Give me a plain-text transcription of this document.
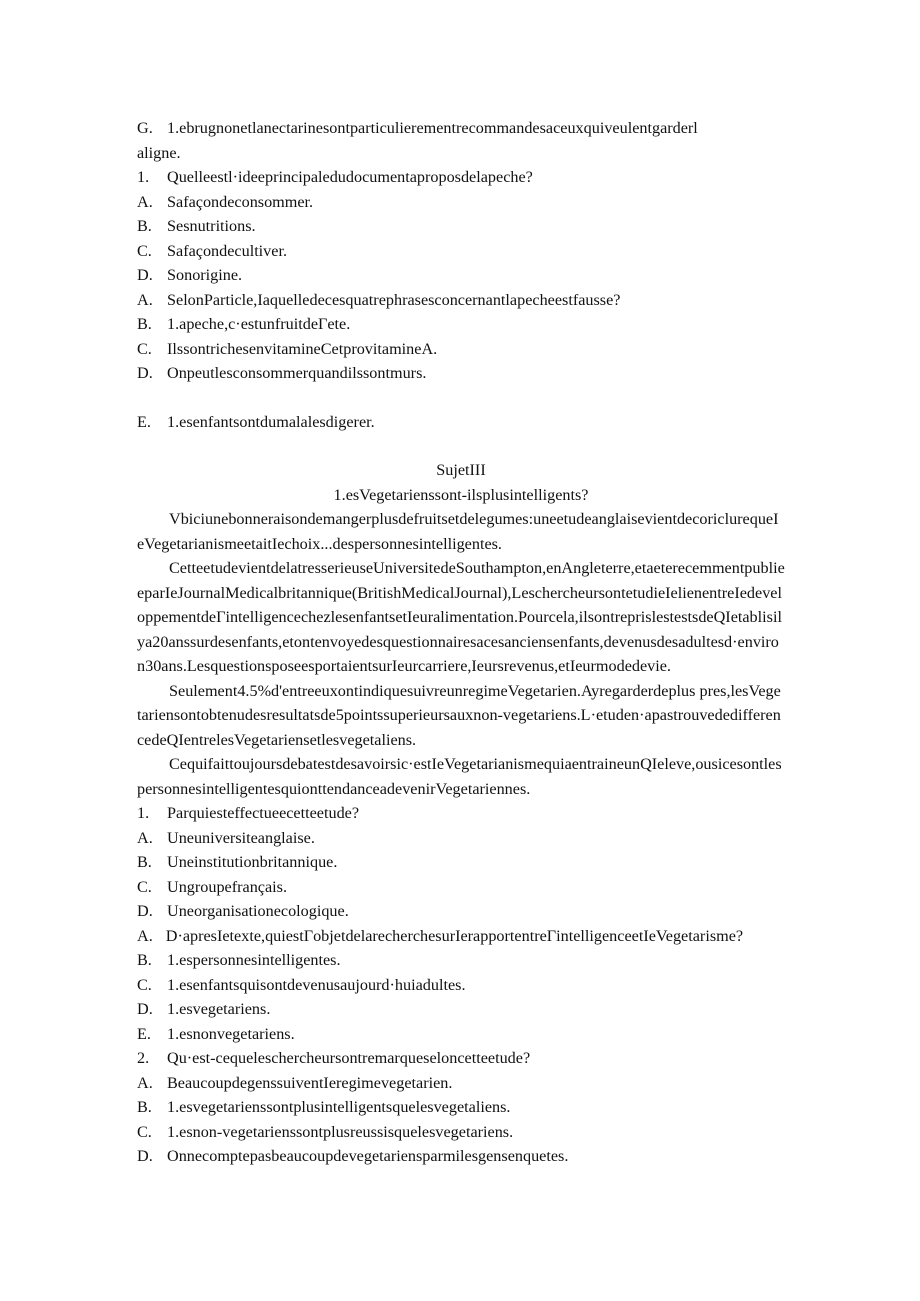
G. 1.ebrugnonetlanectarinesontparticulierementrecommandesaceuxquiveulentgarderl
aligne.
1.	Quelleestl·ideeprincipaledudocumentaproposdelapeche?
A. Safaçondeconsommer.
B. Sesnutritions.
C. Safaçondecultiver.
D. Sonorigine.
A. SelonParticle,Iaquelledecesquatrephrasesconcernantlapecheestfausse?
B. 1.apeche,c·estunfruitdeΓete.
C. IlssontrichesenvitamineCetprovitamineA.
D. Onpeutlesconsommerquandilssontmurs.
E. 1.esenfantsontdumalalesdigerer.
SujetIII
1.esVegetarienssont-ilsplusintelligents?
Vbiciunebonneraisondemangerplusdefruitsetdelegumes:uneetudeanglaisevientdecoriclurequeIeVegetarianismeetaitIechoix...despersonnesintelligentes.
CetteetudevientdelatresserieuseUniversitedeSouthampton,enAngleterre,etaeterecemmentpublieeparIeJournalMedicalbritannique(BritishMedicalJournal),LeschercheursontetudieIelienentreIedeveloppementdeΓintelligencechezlesenfantsetIeuralimentation.Pourcela,ilsontreprislestestsdeQIetablisilya20anssurdesenfants,etontenvoyedesquestionnairesacesanciensenfants,devenusdesadultesd·environ30ans.LesquestionsposeesportaientsurIeurcarriere,Ieursrevenus,etIeurmodedevie.
Seulement4.5%d'entreeuxontindiquesuivreunregimeVegetarien.Ayregarderdeplus pres,lesVegetariensontobtenudesresultatsde5pointssuperieursauxnon-vegetariens.L·etuden·apastrouvededifferencedeQIentrelesVegetariensetlesvegetaliens.
Cequifaittoujoursdebatestdesavoirsic·estIeVegetarianismequiaentraineunQIeleve,ousicesontlespersonnesintelligentesquionttendanceadevenirVegetariennes.
1.	Parquiesteffectueecetteetude?
A. Uneuniversiteanglaise.
B. Uneinstitutionbritannique.
C. Ungroupefrançais.
D. Uneorganisationecologique.
A. D·apresIetexte,quiestΓobjetdelarecherchesurIerapportentreΓintelligenceetIeVegetarisme?
B. 1.espersonnesintelligentes.
C. 1.esenfantsquisontdevenusaujourd·huiadultes.
D. 1.esvegetariens.
E. 1.esnonvegetariens.
2.	Qu·est-cequeleschercheursontremarqueseloncetteetude?
A. BeaucoupdegenssuiventIeregimevegetarien.
B. 1.esvegetarienssontplusintelligentsquelesvegetaliens.
C. 1.esnon-vegetarienssontplusreussisquelesvegetariens.
D. Onnecomptepasbeaucoupdevegetariensparmilesgensenquetes.
